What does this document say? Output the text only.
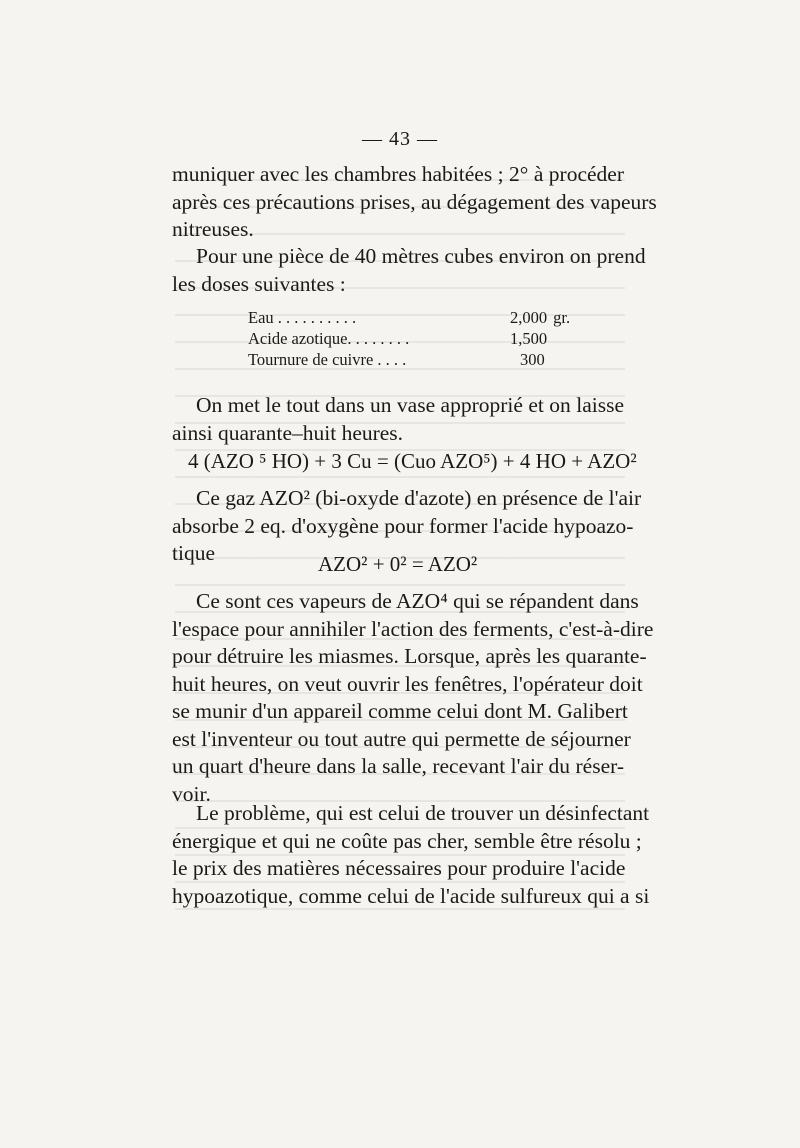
— 43 —
muniquer avec les chambres habitées ; 2° à procéder
après ces précautions prises, au dégagement des vapeurs
nitreuses.
Pour une pièce de 40 mètres cubes environ on prend
les doses suivantes :
Eau . . . . . . . . . .	2,000	gr.
Acide azotique. . . . . . . .	1,500	
Tournure de cuivre . . . .	300	
On met le tout dans un vase approprié et on laisse
ainsi quarante–huit heures.
4 (AZO ⁵ HO) + 3 Cu = (Cuo AZO⁵) + 4 HO + AZO²
Ce gaz AZO² (bi-oxyde d'azote) en présence de l'air
absorbe 2 eq. d'oxygène pour former l'acide hypoazo-
tique	AZO² + 0² = AZO²
Ce sont ces vapeurs de AZO⁴ qui se répandent dans
l'espace pour annihiler l'action des ferments, c'est-à-dire
pour détruire les miasmes. Lorsque, après les quarante-
huit heures, on veut ouvrir les fenêtres, l'opérateur doit
se munir d'un appareil comme celui dont M. Galibert
est l'inventeur ou tout autre qui permette de séjourner
un quart d'heure dans la salle, recevant l'air du réser-
voir.
Le problème, qui est celui de trouver un désinfectant
énergique et qui ne coûte pas cher, semble être résolu ;
le prix des matières nécessaires pour produire l'acide
hypoazotique, comme celui de l'acide sulfureux qui a si
